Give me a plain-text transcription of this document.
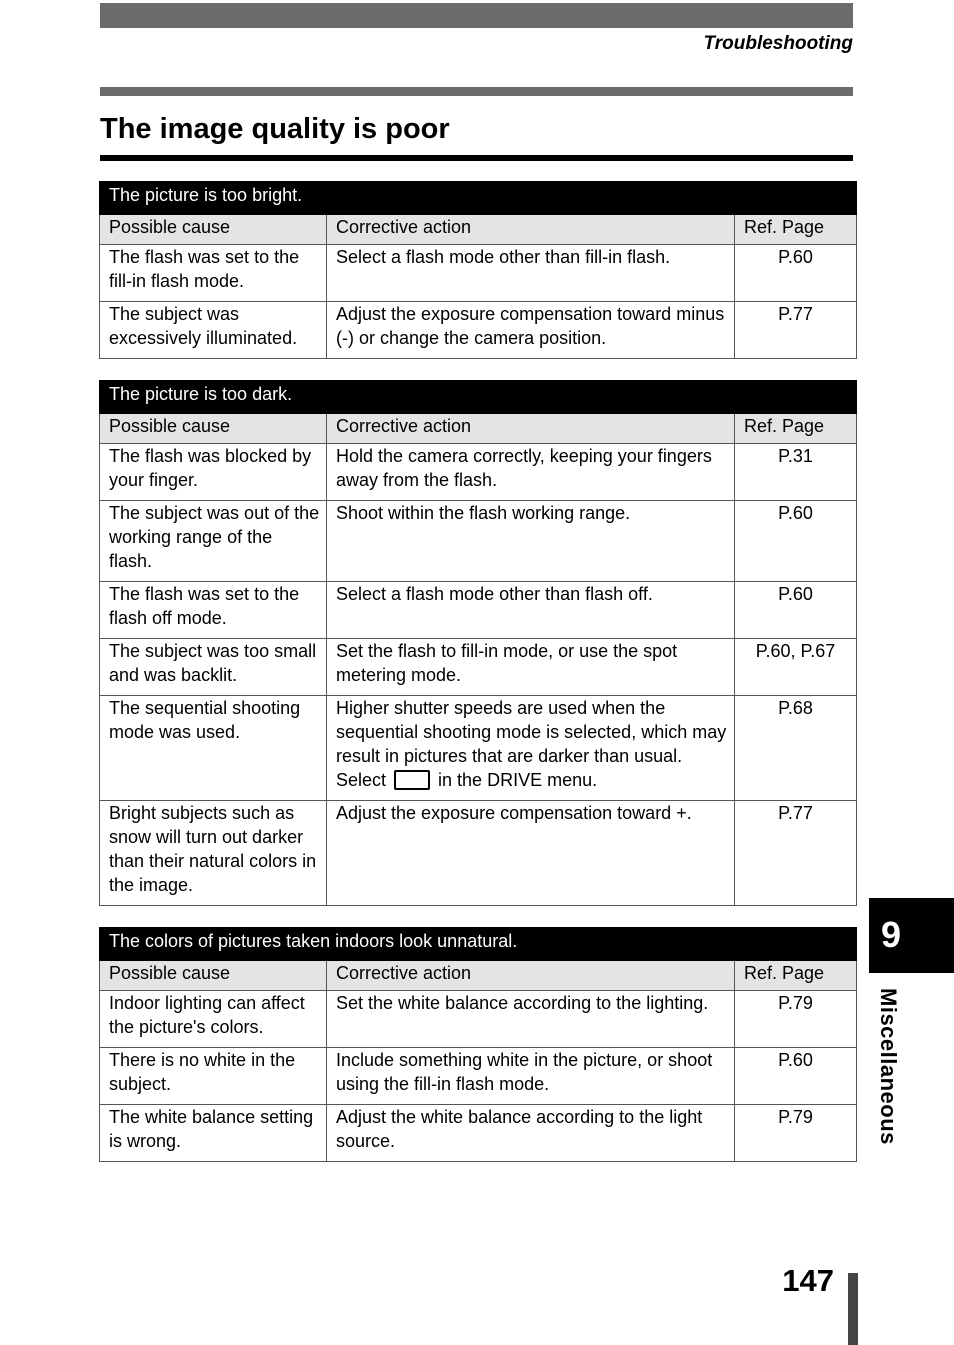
Troubleshooting
The image quality is poor
The picture is too bright.		
Possible cause	Corrective action	Ref. Page
The flash was set to the fill-in flash mode.	Select a flash mode other than fill-in flash.	P.60
The subject was excessively illuminated.	Adjust the exposure compensation toward minus (-) or change the camera position.	P.77
The picture is too dark.		
Possible cause	Corrective action	Ref. Page
The flash was blocked by your finger.	Hold the camera correctly, keeping your fingers away from the flash.	P.31
The subject was out of the working range of the flash.	Shoot within the flash working range.	P.60
The flash was set to the flash off mode.	Select a flash mode other than flash off.	P.60
The subject was too small and was backlit.	Set the flash to fill-in mode, or use the spot metering mode.	P.60, P.67
The sequential shooting mode was used.	Higher shutter speeds are used when the sequential shooting mode is selected, which may result in pictures that are darker than usual. Select in the DRIVE menu.	P.68
Bright subjects such as snow will turn out darker than their natural colors in the image.	Adjust the exposure compensation toward +.	P.77
The colors of pictures taken indoors look unnatural.		
Possible cause	Corrective action	Ref. Page
Indoor lighting can affect the picture's colors.	Set the white balance according to the lighting.	P.79
There is no white in the subject.	Include something white in the picture, or shoot using the fill-in flash mode.	P.60
The white balance setting is wrong.	Adjust the white balance according to the light source.	P.79
9
Miscellaneous
147
